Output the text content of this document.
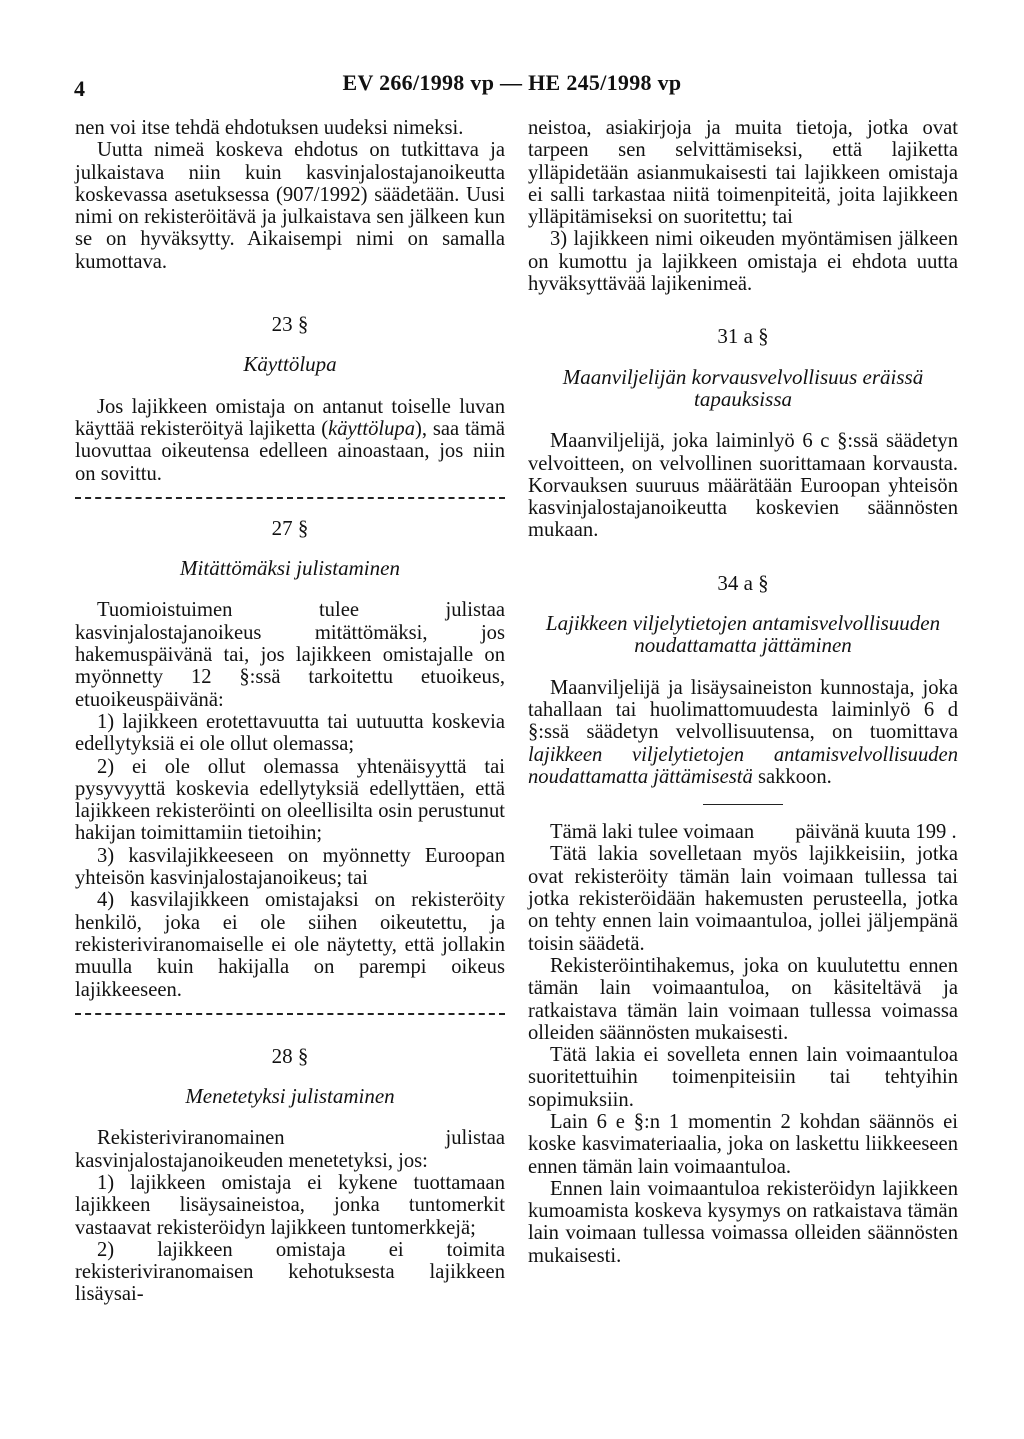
4	EV 266/1998 vp — HE 245/1998 vp

nen voi itse tehdä ehdotuksen uudeksi nimeksi.

Uutta nimeä koskeva ehdotus on tutkittava ja julkaistava niin kuin kasvinjalostajanoikeutta koskevassa asetuksessa (907/1992) säädetään. Uusi nimi on rekisteröitävä ja julkaistava sen jälkeen kun se on hyväksytty. Aikaisempi nimi on samalla kumottava.

23 §
Käyttölupa

Jos lajikkeen omistaja on antanut toiselle luvan käyttää rekisteröityä lajiketta (käyttölupa), saa tämä luovuttaa oikeutensa edelleen ainoastaan, jos niin on sovittu.

27 §
Mitättömäksi julistaminen

Tuomioistuimen tulee julistaa kasvinjalostajanoikeus mitättömäksi, jos hakemuspäivänä tai, jos lajikkeen omistajalle on myönnetty 12 §:ssä tarkoitettu etuoikeus, etuoikeuspäivänä:

1) lajikkeen erotettavuutta tai uutuutta koskevia edellytyksiä ei ole ollut olemassa;

2) ei ole ollut olemassa yhtenäisyyttä tai pysyvyyttä koskevia edellytyksiä edellyttäen, että lajikkeen rekisteröinti on oleellisilta osin perustunut hakijan toimittamiin tietoihin;

3) kasvilajikkeeseen on myönnetty Euroopan yhteisön kasvinjalostajanoikeus; tai

4) kasvilajikkeen omistajaksi on rekisteröity henkilö, joka ei ole siihen oikeutettu, ja rekisteriviranomaiselle ei ole näytetty, että jollakin muulla kuin hakijalla on parempi oikeus lajikkeeseen.

28 §
Menetetyksi julistaminen

Rekisteriviranomainen julistaa kasvinjalostajanoikeuden menetetyksi, jos:

1) lajikkeen omistaja ei kykene tuottamaan lajikkeen lisäysaineistoa, jonka tuntomerkit vastaavat rekisteröidyn lajikkeen tuntomerkkejä;

2) lajikkeen omistaja ei toimita rekisteriviranomaisen kehotuksesta lajikkeen lisäysai-

neistoa, asiakirjoja ja muita tietoja, jotka ovat tarpeen sen selvittämiseksi, että lajiketta ylläpidetään asianmukaisesti tai lajikkeen omistaja ei salli tarkastaa niitä toimenpiteitä, joita lajikkeen ylläpitämiseksi on suoritettu; tai

3) lajikkeen nimi oikeuden myöntämisen jälkeen on kumottu ja lajikkeen omistaja ei ehdota uutta hyväksyttävää lajikenimeä.

31 a §
Maanviljelijän korvausvelvollisuus eräissä tapauksissa

Maanviljelijä, joka laiminlyö 6 c §:ssä säädetyn velvoitteen, on velvollinen suorittamaan korvausta. Korvauksen suuruus määrätään Euroopan yhteisön kasvinjalostajanoikeutta koskevien säännösten mukaan.

34 a §
Lajikkeen viljelytietojen antamisvelvollisuuden noudattamatta jättäminen

Maanviljelijä ja lisäysaineiston kunnostaja, joka tahallaan tai huolimattomuudesta laiminlyö 6 d §:ssä säädetyn velvollisuutensa, on tuomittava lajikkeen viljelytietojen antamisvelvollisuuden noudattamatta jättämisestä sakkoon.

Tämä laki tulee voimaan        päivänä kuuta 199 .

Tätä lakia sovelletaan myös lajikkeisiin, jotka ovat rekisteröity tämän lain voimaan tullessa tai jotka rekisteröidään hakemusten perusteella, jotka on tehty ennen lain voimaantuloa, jollei jäljempänä toisin säädetä.

Rekisteröintihakemus, joka on kuulutettu ennen tämän lain voimaantuloa, on käsiteltävä ja ratkaistava tämän lain voimaan tullessa voimassa olleiden säännösten mukaisesti.

Tätä lakia ei sovelleta ennen lain voimaantuloa suoritettuihin toimenpiteisiin tai tehtyihin sopimuksiin.

Lain 6 e §:n 1 momentin 2 kohdan säännös ei koske kasvimateriaalia, joka on laskettu liikkeeseen ennen tämän lain voimaantuloa.

Ennen lain voimaantuloa rekisteröidyn lajikkeen kumoamista koskeva kysymys on ratkaistava tämän lain voimaan tullessa voimassa olleiden säännösten mukaisesti.
